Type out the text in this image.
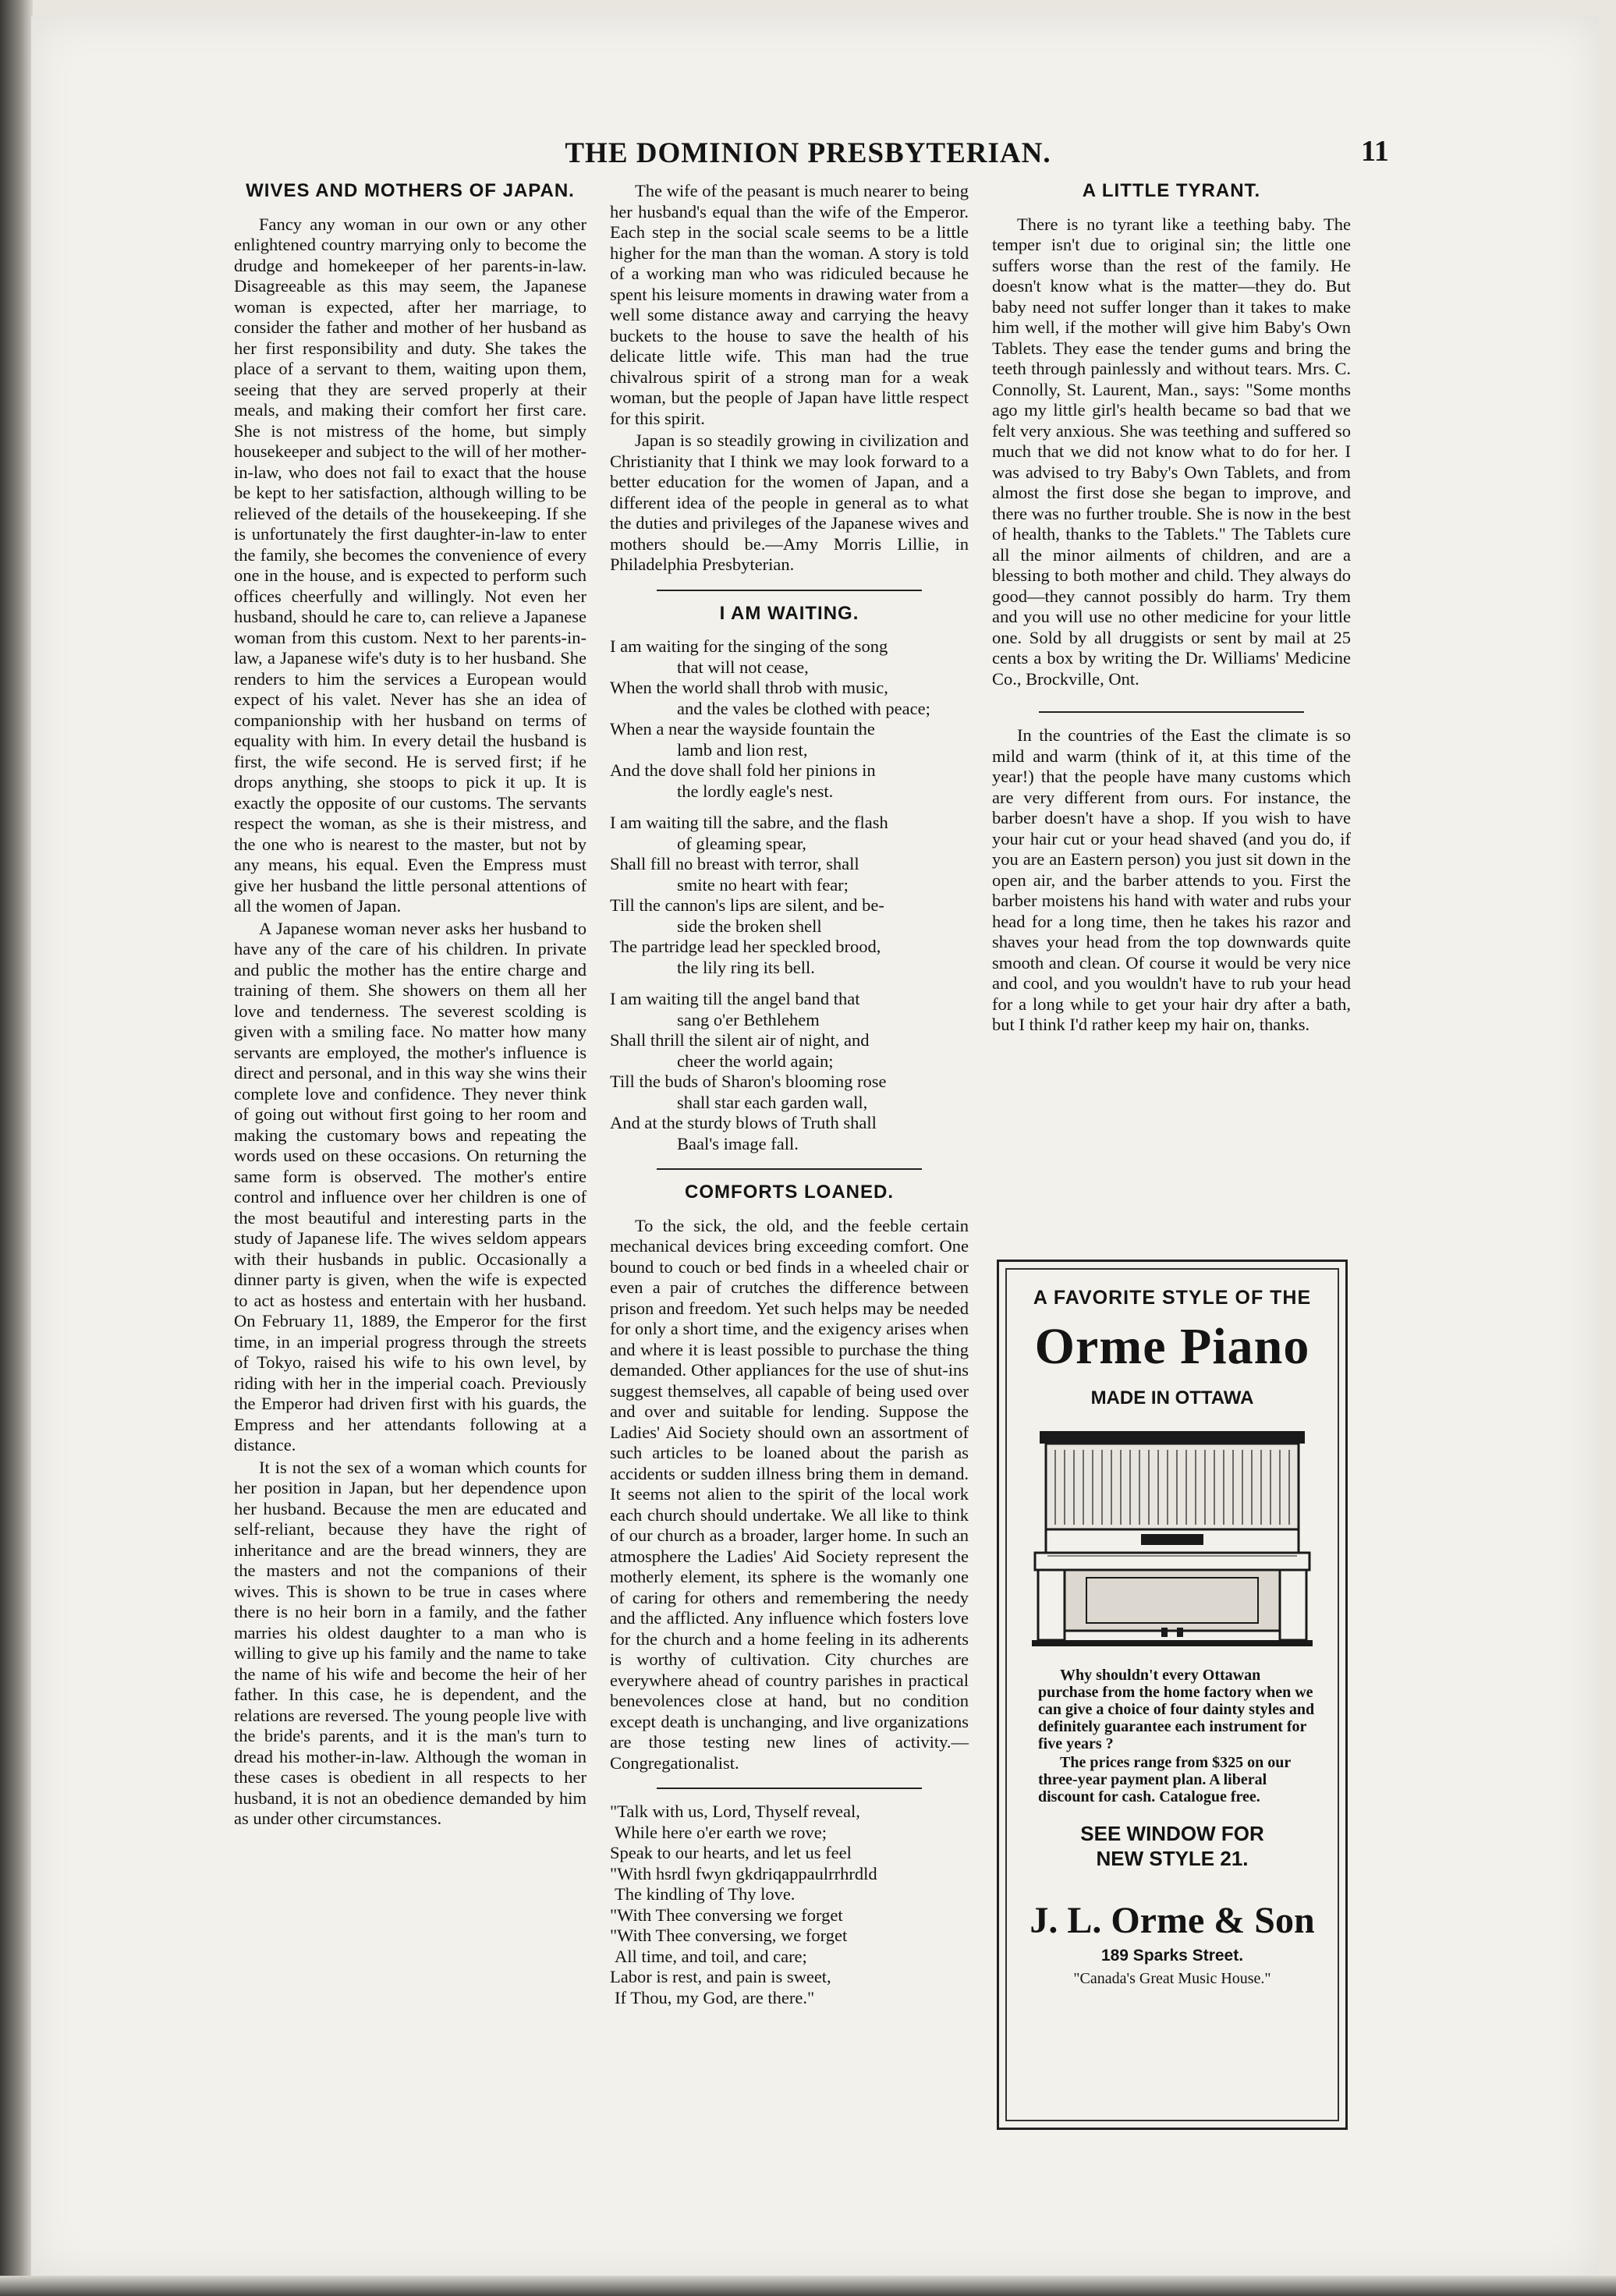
THE DOMINION PRESBYTERIAN.	11
WIVES AND MOTHERS OF JAPAN.

Fancy any woman in our own or any other enlightened country marrying only to become the drudge and homekeeper of her parents-in-law. Disagreeable as this may seem, the Japanese woman is expected, after her marriage, to consider the father and mother of her husband as her first responsibility and duty. She takes the place of a servant to them, waiting upon them, seeing that they are served properly at their meals, and making their comfort her first care. She is not mistress of the home, but simply housekeeper and subject to the will of her mother-in-law, who does not fail to exact that the house be kept to her satisfaction, although willing to be relieved of the details of the housekeeping. If she is unfortunately the first daughter-in-law to enter the family, she becomes the convenience of every one in the house, and is expected to perform such offices cheerfully and willingly. Not even her husband, should he care to, can relieve a Japanese woman from this custom. Next to her parents-in-law, a Japanese wife's duty is to her husband. She renders to him the services a European would expect of his valet. Never has she an idea of companionship with her husband on terms of equality with him. In every detail the husband is first, the wife second. He is served first; if he drops anything, she stoops to pick it up. It is exactly the opposite of our customs. The servants respect the woman, as she is their mistress, and the one who is nearest to the master, but not by any means, his equal. Even the Empress must give her husband the little personal attentions of all the women of Japan.

A Japanese woman never asks her husband to have any of the care of his children. In private and public the mother has the entire charge and training of them. She showers on them all her love and tenderness. The severest scolding is given with a smiling face. No matter how many servants are employed, the mother's influence is direct and personal, and in this way she wins their complete love and confidence. They never think of going out without first going to her room and making the customary bows and repeating the words used on these occasions. On returning the same form is observed. The mother's entire control and influence over her children is one of the most beautiful and interesting parts in the study of Japanese life. The wives seldom appears with their husbands in public. Occasionally a dinner party is given, when the wife is expected to act as hostess and entertain with her husband. On February 11, 1889, the Emperor for the first time, in an imperial progress through the streets of Tokyo, raised his wife to his own level, by riding with her in the imperial coach. Previously the Emperor had driven first with his guards, the Empress and her attendants following at a distance.

It is not the sex of a woman which counts for her position in Japan, but her dependence upon her husband. Because the men are educated and self-reliant, because they have the right of inheritance and are the bread winners, they are the masters and not the companions of their wives. This is shown to be true in cases where there is no heir born in a family, and the father marries his oldest daughter to a man who is willing to give up his family and the name to take the name of his wife and become the heir of her father. In this case, he is dependent, and the relations are reversed. The young people live with the bride's parents, and it is the man's turn to dread his mother-in-law. Although the woman in these cases is obedient in all respects to her husband, it is not an obedience demanded by him as under other circumstances.

The wife of the peasant is much nearer to being her husband's equal than the wife of the Emperor. Each step in the social scale seems to be a little higher for the man than the woman. A story is told of a working man who was ridiculed because he spent his leisure moments in drawing water from a well some distance away and carrying the heavy buckets to the house to save the health of his delicate little wife. This man had the true chivalrous spirit of a strong man for a weak woman, but the people of Japan have little respect for this spirit.

Japan is so steadily growing in civilization and Christianity that I think we may look forward to a better education for the women of Japan, and a different idea of the people in general as to what the duties and privileges of the Japanese wives and mothers should be.—Amy Morris Lillie, in Philadelphia Presbyterian.

I AM WAITING.
I am waiting for the singing of the song
that will not cease,
When the world shall throb with music,
and the vales be clothed with peace;
When a near the wayside fountain the
lamb and lion rest,
And the dove shall fold her pinions in
the lordly eagle's nest.
I am waiting till the sabre, and the flash
of gleaming spear,
Shall fill no breast with terror, shall
smite no heart with fear;
Till the cannon's lips are silent, and be-
side the broken shell
The partridge lead her speckled brood,
the lily ring its bell.
I am waiting till the angel band that
sang o'er Bethlehem
Shall thrill the silent air of night, and
cheer the world again;
Till the buds of Sharon's blooming rose
shall star each garden wall,
And at the sturdy blows of Truth shall
Baal's image fall.
COMFORTS LOANED.

To the sick, the old, and the feeble certain mechanical devices bring exceeding comfort. One bound to couch or bed finds in a wheeled chair or even a pair of crutches the difference between prison and freedom. Yet such helps may be needed for only a short time, and the exigency arises when and where it is least possible to purchase the thing demanded. Other appliances for the use of shut-ins suggest themselves, all capable of being used over and over and suitable for lending. Suppose the Ladies' Aid Society should own an assortment of such articles to be loaned about the parish as accidents or sudden illness bring them in demand. It seems not alien to the spirit of the local work each church should undertake. We all like to think of our church as a broader, larger home. In such an atmosphere the Ladies' Aid Society represent the motherly element, its sphere is the womanly one of caring for others and remembering the needy and the afflicted. Any influence which fosters love for the church and a home feeling in its adherents is worthy of cultivation. City churches are everywhere ahead of country parishes in practical benevolences close at hand, but no condition except death is unchanging, and live organizations are those testing new lines of activity.—Congregationalist.

"Talk with us, Lord, Thyself reveal,
While here o'er earth we rove;
Speak to our hearts, and let us feel
"With hsrdl fwyn gkdriqappaulrrhrdld
The kindling of Thy love.
"With Thee conversing we forget
"With Thee conversing, we forget
All time, and toil, and care;
Labor is rest, and pain is sweet,
If Thou, my God, are there."
A LITTLE TYRANT.

There is no tyrant like a teething baby. The temper isn't due to original sin; the little one suffers worse than the rest of the family. He doesn't know what is the matter—they do. But baby need not suffer longer than it takes to make him well, if the mother will give him Baby's Own Tablets. They ease the tender gums and bring the teeth through painlessly and without tears. Mrs. C. Connolly, St. Laurent, Man., says: "Some months ago my little girl's health became so bad that we felt very anxious. She was teething and suffered so much that we did not know what to do for her. I was advised to try Baby's Own Tablets, and from almost the first dose she began to improve, and there was no further trouble. She is now in the best of health, thanks to the Tablets." The Tablets cure all the minor ailments of children, and are a blessing to both mother and child. They always do good—they cannot possibly do harm. Try them and you will use no other medicine for your little one. Sold by all druggists or sent by mail at 25 cents a box by writing the Dr. Williams' Medicine Co., Brockville, Ont.

In the countries of the East the climate is so mild and warm (think of it, at this time of the year!) that the people have many customs which are very different from ours. For instance, the barber doesn't have a shop. If you wish to have your hair cut or your head shaved (and you do, if you are an Eastern person) you just sit down in the open air, and the barber attends to you. First the barber moistens his hand with water and rubs your head for a long time, then he takes his razor and shaves your head from the top downwards quite smooth and clean. Of course it would be very nice and cool, and you wouldn't have to rub your head for a long while to get your hair dry after a bath, but I think I'd rather keep my hair on, thanks.

A FAVORITE STYLE OF THE
Orme Piano
MADE IN OTTAWA

Why shouldn't every Ottawan purchase from the home factory when we can give a choice of four dainty styles and definitely guarantee each instrument for five years ?

The prices range from $325 on our three-year payment plan. A liberal discount for cash. Catalogue free.

SEE WINDOW FOR
NEW STYLE 21.
J. L. Orme & Son
189 Sparks Street.
"Canada's Great Music House."
